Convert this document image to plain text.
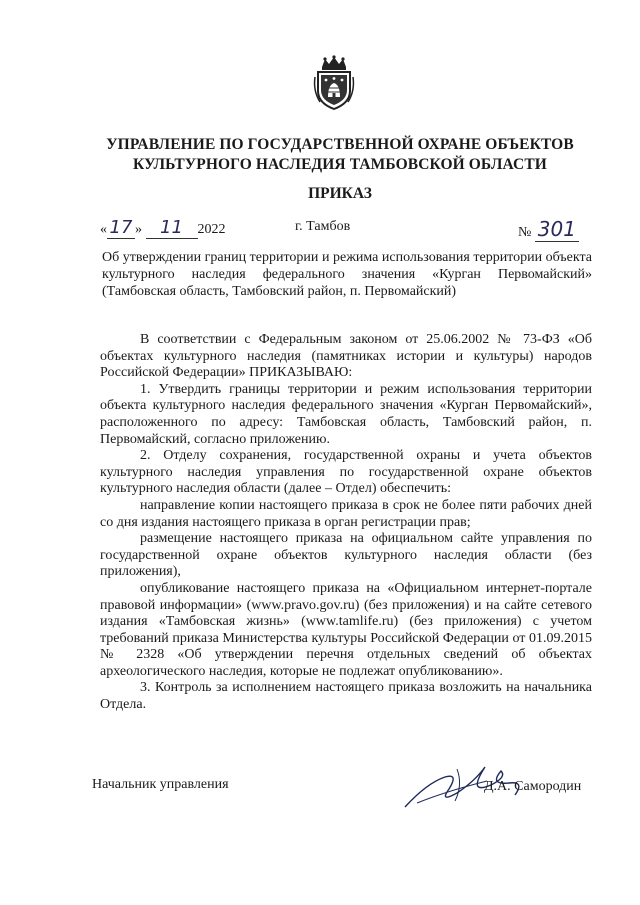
УПРАВЛЕНИЕ ПО ГОСУДАРСТВЕННОЙ ОХРАНЕ ОБЪЕКТОВ
КУЛЬТУРНОГО НАСЛЕДИЯ ТАМБОВСКОЙ ОБЛАСТИ
ПРИКАЗ
« 17 » 11 2022	г. Тамбов	№ 301
Об утверждении границ территории и режима использования территории объекта культурного наследия федерального значения «Курган Первомайский» (Тамбовская область, Тамбовский район, п. Первомайский)

В соответствии с Федеральным законом от 25.06.2002 № 73-ФЗ «Об объектах культурного наследия (памятниках истории и культуры) народов Российской Федерации» ПРИКАЗЫВАЮ:

1. Утвердить границы территории и режим использования территории объекта культурного наследия федерального значения «Курган Первомайский», расположенного по адресу: Тамбовская область, Тамбовский район, п. Первомайский, согласно приложению.

2. Отделу сохранения, государственной охраны и учета объектов культурного наследия управления по государственной охране объектов культурного наследия области (далее – Отдел) обеспечить:

направление копии настоящего приказа в срок не более пяти рабочих дней со дня издания настоящего приказа в орган регистрации прав;

размещение настоящего приказа на официальном сайте управления по государственной охране объектов культурного наследия области (без приложения),

опубликование настоящего приказа на «Официальном интернет-портале правовой информации» (www.pravo.gov.ru) (без приложения) и на сайте сетевого издания «Тамбовская жизнь» (www.tamlife.ru) (без приложения) с учетом требований приказа Министерства культуры Российской Федерации от 01.09.2015 № 2328 «Об утверждении перечня отдельных сведений об объектах археологического наследия, которые не подлежат опубликованию».

3. Контроль за исполнением настоящего приказа возложить на начальника Отдела.

Начальник управления	Д.А. Самородин
